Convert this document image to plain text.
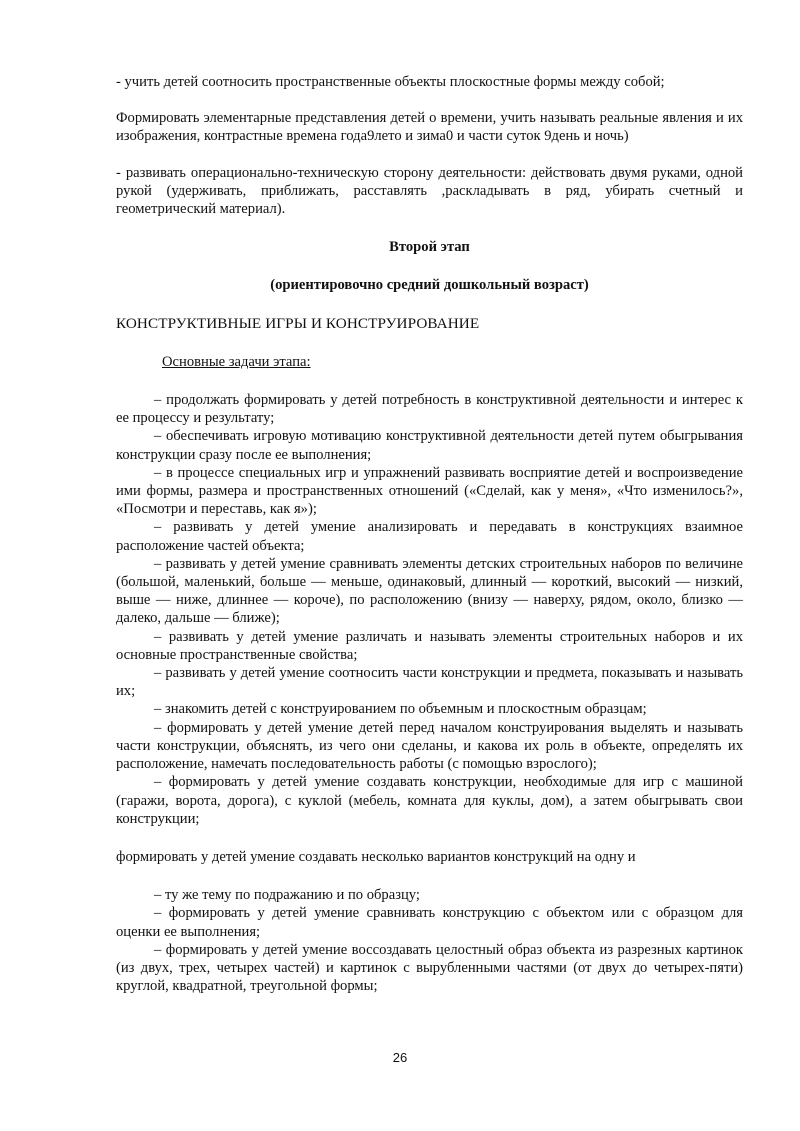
- учить детей соотносить пространственные объекты плоскостные формы между собой;

Формировать элементарные представления детей о времени, учить называть реальные явления и их изображения, контрастные времена года9лето и зима0 и части суток 9день и ночь)

- развивать операционально-техническую сторону деятельности: действовать двумя руками, одной рукой (удерживать, приближать, расставлять ,раскладывать в ряд, убирать счетный и геометрический материал).

Второй этап

(ориентировочно средний дошкольный возраст)

КОНСТРУКТИВНЫЕ ИГРЫ И КОНСТРУИРОВАНИЕ

Основные задачи этапа:

– продолжать формировать у детей потребность в конструктивной деятельности и интерес к ее процессу и результату;

– обеспечивать игровую мотивацию конструктивной деятельности детей путем обыгрывания конструкции сразу после ее выполнения;

– в процессе специальных игр и упражнений развивать восприятие детей и воспроизведение ими формы, размера и пространственных отношений («Сделай, как у меня», «Что изменилось?», «Посмотри и переставь, как я»);

– развивать у детей умение анализировать и передавать в конструкциях взаимное расположение частей объекта;

– развивать у детей умение сравнивать элементы детских строительных наборов по величине (большой, маленький, больше — меньше, одинаковый, длинный — короткий, высокий — низкий, выше — ниже, длиннее — короче), по расположению (внизу — наверху, рядом, около, близко — далеко, дальше — ближе);

– развивать у детей умение различать и называть элементы строительных наборов и их основные пространственные свойства;

– развивать у детей умение соотносить части конструкции и предмета, показывать и называть их;

– знакомить детей с конструированием по объемным и плоскостным образцам;

– формировать у детей умение детей перед началом конструирования выделять и называть части конструкции, объяснять, из чего они сделаны, и какова их роль в объекте, определять их расположение, намечать последовательность работы (с помощью взрослого);

– формировать у детей умение создавать конструкции, необходимые для игр с машиной (гаражи, ворота, дорога), с куклой (мебель, комната для куклы, дом), а затем обыгрывать свои конструкции;

формировать у детей умение создавать несколько вариантов конструкций на одну и

– ту же тему по подражанию и по образцу;

– формировать у детей умение сравнивать конструкцию с объектом или с образцом для оценки ее выполнения;

– формировать у детей умение воссоздавать целостный образ объекта из разрезных картинок (из двух, трех, четырех частей) и картинок с вырубленными частями (от двух до четырех-пяти) круглой, квадратной, треугольной формы;

26
